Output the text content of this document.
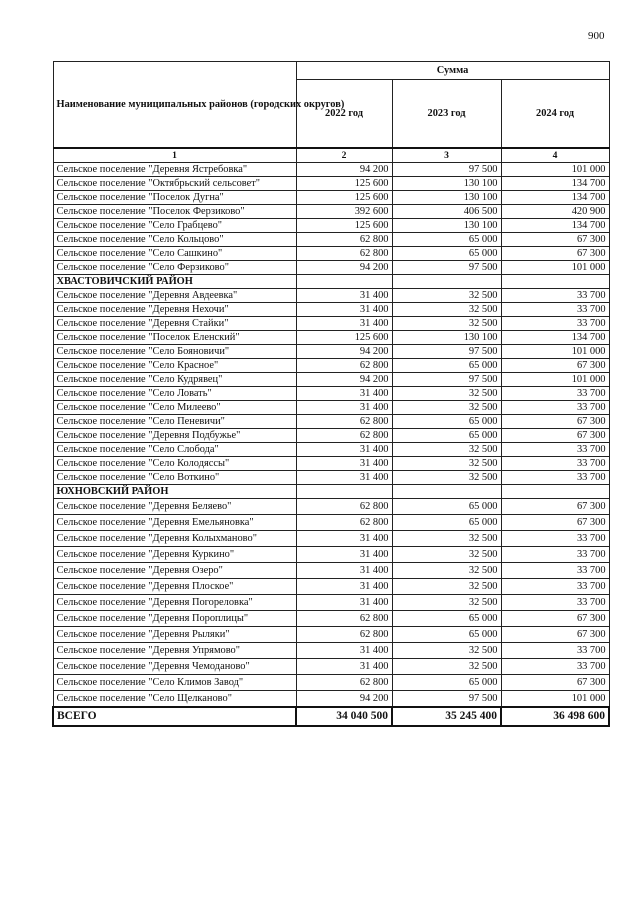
900
Наименование муниципальных районов (городских округов)	Сумма		
	2022 год	2023 год	2024 год
1	2	3	4
Сельское поселение "Деревня Ястребовка"	94 200	97 500	101 000
Сельское поселение "Октябрьский сельсовет"	125 600	130 100	134 700
Сельское поселение "Поселок Дугна"	125 600	130 100	134 700
Сельское поселение "Поселок Ферзиково"	392 600	406 500	420 900
Сельское поселение "Село Грабцево"	125 600	130 100	134 700
Сельское поселение "Село Кольцово"	62 800	65 000	67 300
Сельское поселение "Село Сашкино"	62 800	65 000	67 300
Сельское поселение "Село Ферзиково"	94 200	97 500	101 000
ХВАСТОВИЧСКИЙ РАЙОН			
Сельское поселение "Деревня Авдеевка"	31 400	32 500	33 700
Сельское поселение "Деревня Нехочи"	31 400	32 500	33 700
Сельское поселение "Деревня Стайки"	31 400	32 500	33 700
Сельское поселение "Поселок Еленский"	125 600	130 100	134 700
Сельское поселение "Село Бояновичи"	94 200	97 500	101 000
Сельское поселение "Село Красное"	62 800	65 000	67 300
Сельское поселение "Село Кудрявец"	94 200	97 500	101 000
Сельское поселение "Село Ловать"	31 400	32 500	33 700
Сельское поселение "Село Милеево"	31 400	32 500	33 700
Сельское поселение "Село Пеневичи"	62 800	65 000	67 300
Сельское поселение "Деревня Подбужье"	62 800	65 000	67 300
Сельское поселение "Село Слобода"	31 400	32 500	33 700
Сельское поселение "Село Колодяссы"	31 400	32 500	33 700
Сельское поселение "Село Воткино"	31 400	32 500	33 700
ЮХНОВСКИЙ РАЙОН			
Сельское поселение "Деревня Беляево"	62 800	65 000	67 300
Сельское поселение "Деревня Емельяновка"	62 800	65 000	67 300
Сельское поселение "Деревня Колыхманово"	31 400	32 500	33 700
Сельское поселение "Деревня Куркино"	31 400	32 500	33 700
Сельское поселение "Деревня Озеро"	31 400	32 500	33 700
Сельское поселение "Деревня Плоское"	31 400	32 500	33 700
Сельское поселение "Деревня Погореловка"	31 400	32 500	33 700
Сельское поселение "Деревня Пороплицы"	62 800	65 000	67 300
Сельское поселение "Деревня Рыляки"	62 800	65 000	67 300
Сельское поселение "Деревня Упрямово"	31 400	32 500	33 700
Сельское поселение "Деревня Чемоданово"	31 400	32 500	33 700
Сельское поселение "Село Климов Завод"	62 800	65 000	67 300
Сельское поселение "Село Щелканово"	94 200	97 500	101 000
ВСЕГО	34 040 500	35 245 400	36 498 600
